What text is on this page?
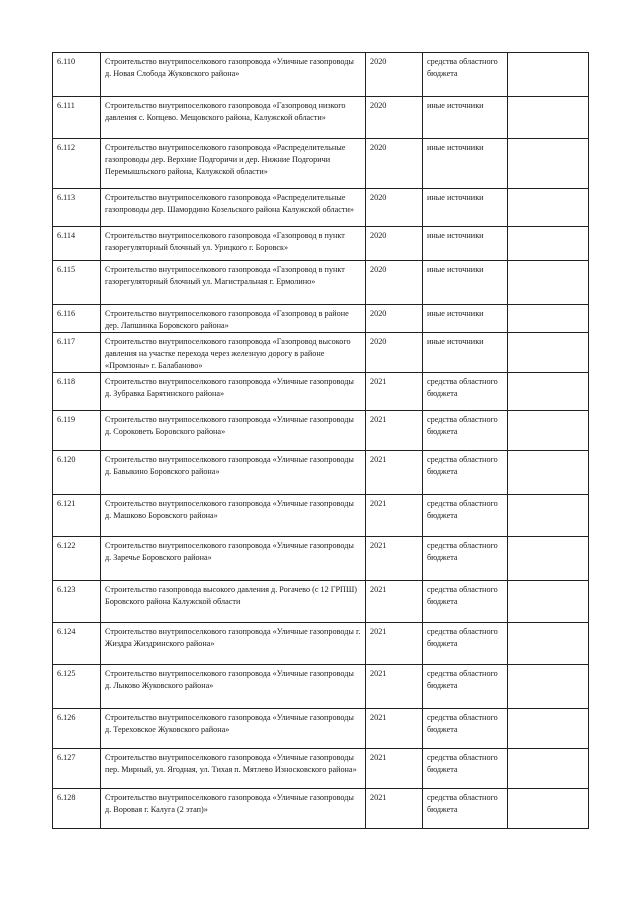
6.110	Строительство внутрипоселкового газопровода «Уличные газопроводы д. Новая Слобода Жуковского района»	2020	средства областного бюджета	
6.111	Строительство внутрипоселкового газопровода «Газопровод низкого давления с. Копцево. Мещовского района, Калужской области»	2020	иные источники	
6.112	Строительство внутрипоселкового газопровода «Распределительные газопроводы дер. Верхние Подгоричи и дер. Нижние Подгоричи Перемышльского района, Калужской области»	2020	иные источники	
6.113	Строительство внутрипоселкового газопровода «Распределительные газопроводы дер. Шамордино Козельского района Калужской области»	2020	иные источники	
6.114	Строительство внутрипоселкового газопровода «Газопровод в пункт газорегуляторный блочный ул. Урицкого г. Боровск»	2020	иные источники	
6.115	Строительство внутрипоселкового газопровода «Газопровод в пункт газорегуляторный блочный ул. Магистральная г. Ермолино»	2020	иные источники	
6.116	Строительство внутрипоселкового газопровода «Газопровод в районе дер. Лапшинка Боровского района»	2020	иные источники	
6.117	Строительство внутрипоселкового газопровода «Газопровод высокого давления на участке перехода через железную дорогу в районе «Промзоны» г. Балабаново»	2020	иные источники	
6.118	Строительство внутрипоселкового газопровода «Уличные газопроводы д. Зубравка Барятинского района»	2021	средства областного бюджета	
6.119	Строительство внутрипоселкового газопровода «Уличные газопроводы д. Сороковеть Боровского района»	2021	средства областного бюджета	
6.120	Строительство внутрипоселкового газопровода «Уличные газопроводы д. Бавыкино Боровского района»	2021	средства областного бюджета	
6.121	Строительство внутрипоселкового газопровода «Уличные газопроводы д. Машково Боровского района»	2021	средства областного бюджета	
6.122	Строительство внутрипоселкового газопровода «Уличные газопроводы д. Заречье Боровского района»	2021	средства областного бюджета	
6.123	Строительство газопровода высокого давления д. Рогачево (с 12 ГРПШ) Боровского района Калужской области	2021	средства областного бюджета	
6.124	Строительство внутрипоселкового газопровода «Уличные газопроводы г. Жиздра Жиздринского района»	2021	средства областного бюджета	
6.125	Строительство внутрипоселкового газопровода «Уличные газопроводы д. Лыково Жуковского района»	2021	средства областного бюджета	
6.126	Строительство внутрипоселкового газопровода «Уличные газопроводы д. Тереховское Жуковского района»	2021	средства областного бюджета	
6.127	Строительство внутрипоселкового газопровода «Уличные газопроводы пер. Мирный, ул. Ягодная, ул. Тихая п. Мятлево Износковского района»	2021	средства областного бюджета	
6.128	Строительство внутрипоселкового газопровода «Уличные газопроводы д. Воровая г. Калуга (2 этап)»	2021	средства областного бюджета	
